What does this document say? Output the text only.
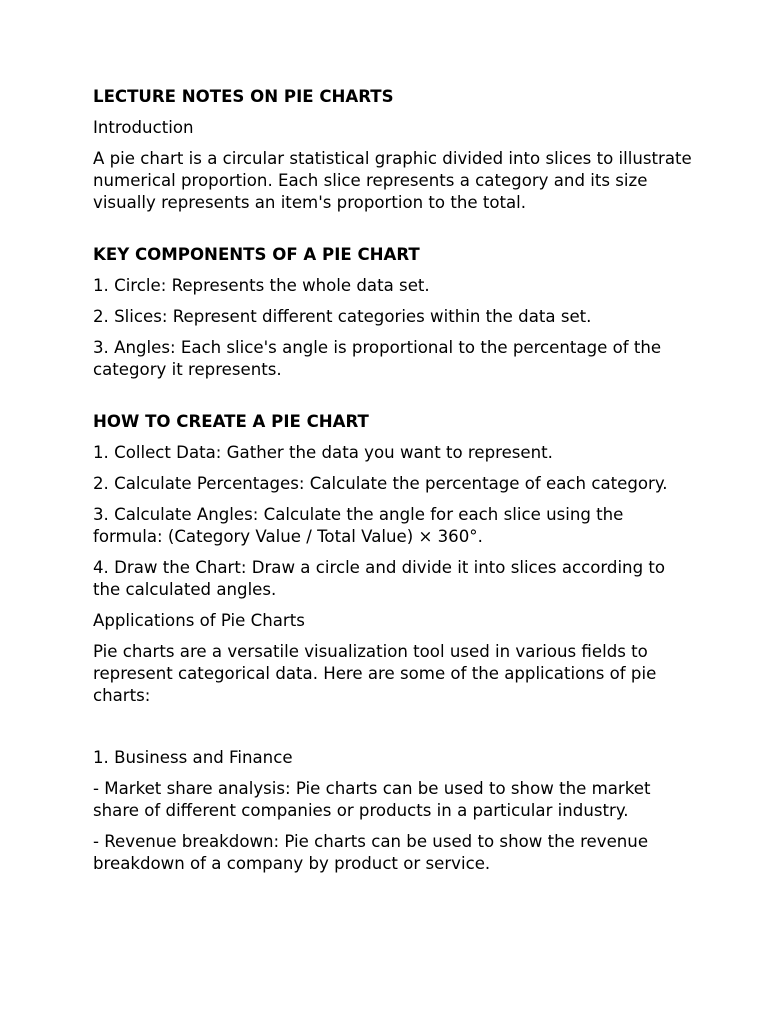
LECTURE NOTES ON PIE CHARTS

Introduction

A pie chart is a circular statistical graphic divided into slices to illustrate numerical proportion. Each slice represents a category and its size visually represents an item's proportion to the total.

KEY COMPONENTS OF A PIE CHART

1. Circle: Represents the whole data set.

2. Slices: Represent different categories within the data set.

3. Angles: Each slice's angle is proportional to the percentage of the category it represents.

HOW TO CREATE A PIE CHART

1. Collect Data: Gather the data you want to represent.

2. Calculate Percentages: Calculate the percentage of each category.

3. Calculate Angles: Calculate the angle for each slice using the formula: (Category Value / Total Value) × 360°.

4. Draw the Chart: Draw a circle and divide it into slices according to the calculated angles.

Applications of Pie Charts

Pie charts are a versatile visualization tool used in various fields to represent categorical data. Here are some of the applications of pie charts:

1. Business and Finance

- Market share analysis: Pie charts can be used to show the market share of different companies or products in a particular industry.

- Revenue breakdown: Pie charts can be used to show the revenue breakdown of a company by product or service.
